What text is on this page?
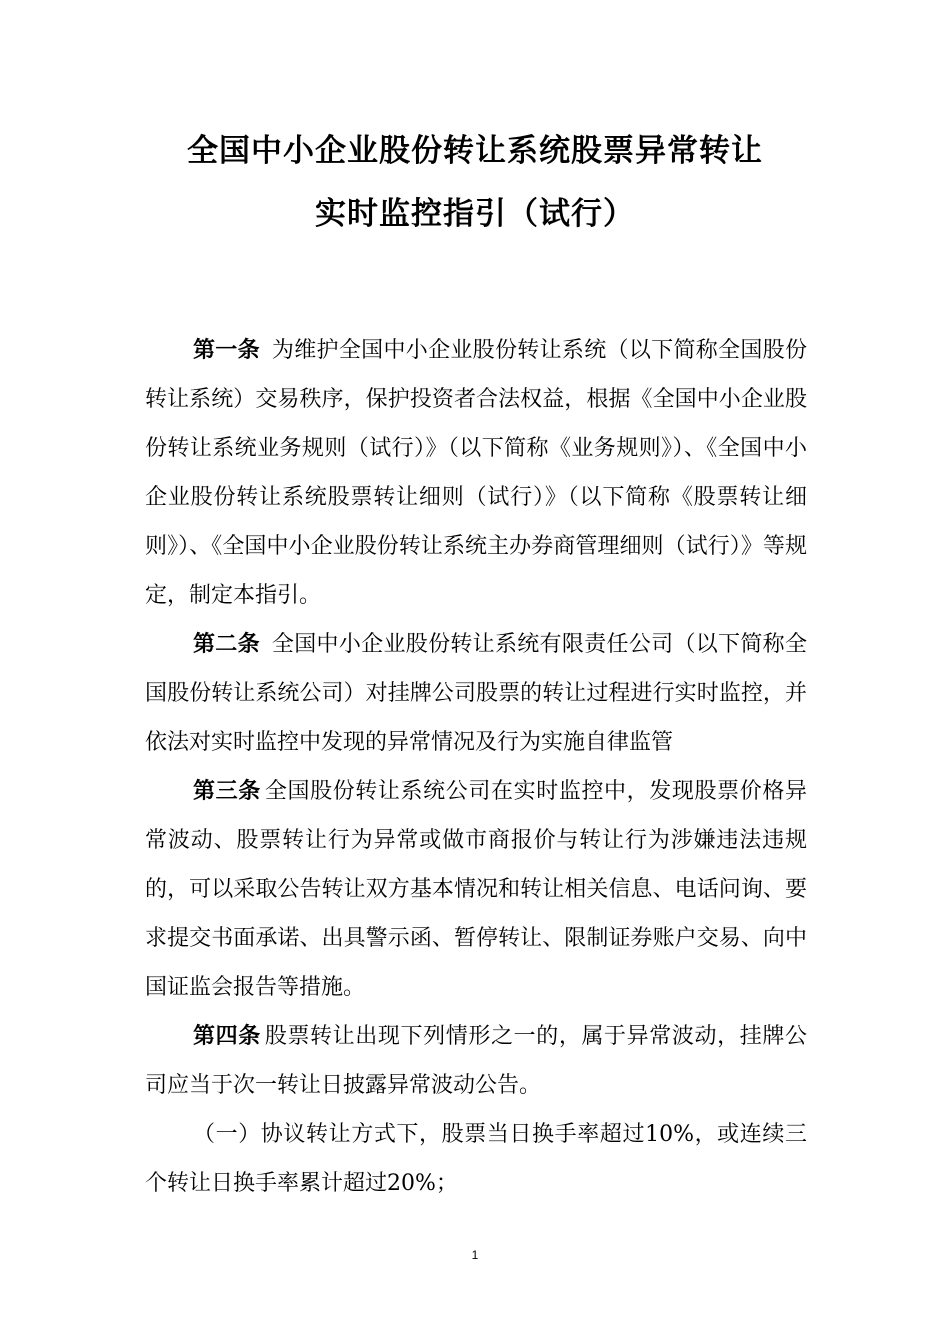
全国中小企业股份转让系统股票异常转让
实时监控指引（试行）

第一条 为维护全国中小企业股份转让系统（以下简称全国股份转让系统）交易秩序，保护投资者合法权益，根据《全国中小企业股份转让系统业务规则（试行）》（以下简称《业务规则》）、《全国中小企业股份转让系统股票转让细则（试行）》（以下简称《股票转让细则》）、《全国中小企业股份转让系统主办券商管理细则（试行）》等规定，制定本指引。

第二条 全国中小企业股份转让系统有限责任公司（以下简称全国股份转让系统公司）对挂牌公司股票的转让过程进行实时监控，并依法对实时监控中发现的异常情况及行为实施自律监管

第三条 全国股份转让系统公司在实时监控中，发现股票价格异常波动、股票转让行为异常或做市商报价与转让行为涉嫌违法违规的，可以采取公告转让双方基本情况和转让相关信息、电话问询、要求提交书面承诺、出具警示函、暂停转让、限制证券账户交易、向中国证监会报告等措施。

第四条 股票转让出现下列情形之一的，属于异常波动，挂牌公司应当于次一转让日披露异常波动公告。

（一）协议转让方式下，股票当日换手率超过10%，或连续三个转让日换手率累计超过20%；

1
